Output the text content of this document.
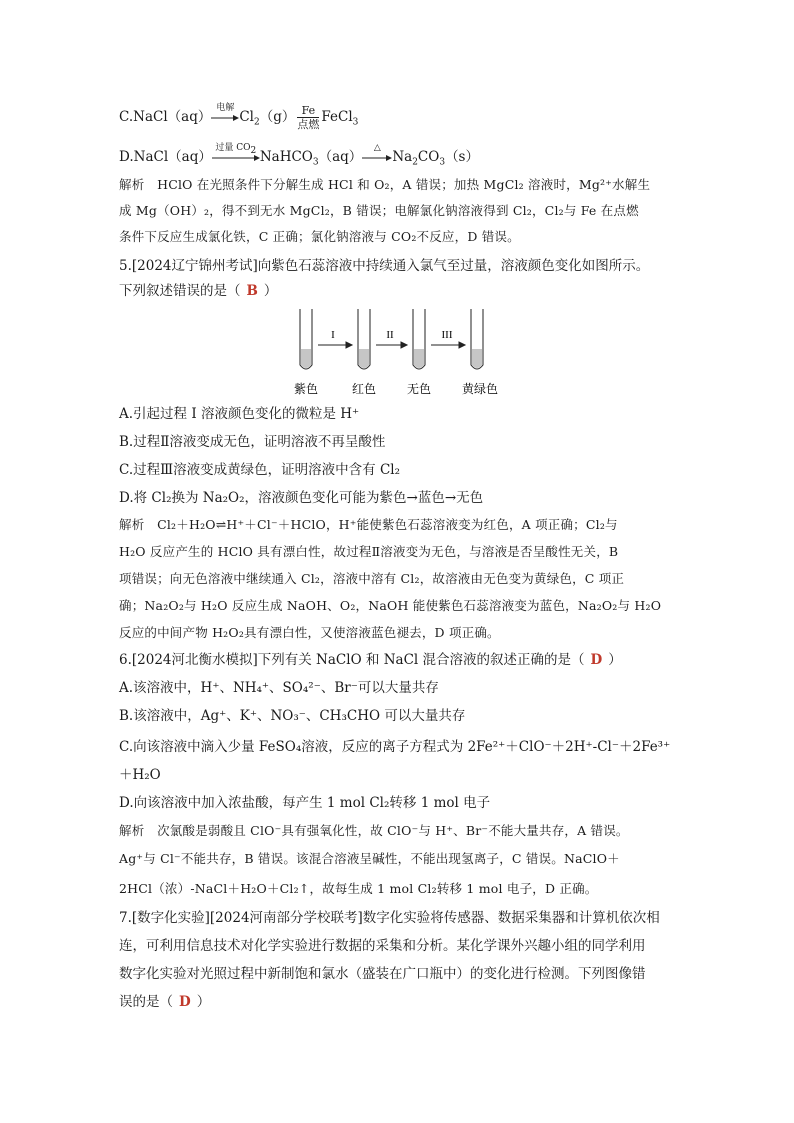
C.NaCl（aq）
电解
$Cl_2(g) \frac{Fe}{\text{点燃}}$ FeCl$_3$
D.NaCl（aq）
过量 $CO_2$ NaHCO$_3$（aq）
△
$Na_2CO_3(s)$
解析　HClO 在光照条件下分解生成 HCl 和 O₂，A 错误；加热 MgCl₂ 溶液时，Mg²⁺水解生
成 Mg（OH）₂，得不到无水 MgCl₂，B 错误；电解氯化钠溶液得到 Cl₂，Cl₂与 Fe 在点燃
条件下反应生成氯化铁，C 正确；氯化钠溶液与 CO₂不反应，D 错误。
5.[2024辽宁锦州考试]向紫色石蕊溶液中持续通入氯气至过量，溶液颜色变化如图所示。
下列叙述错误的是（ B ）
I	II	III
紫色	红色	无色	黄绿色
A.引起过程 I 溶液颜色变化的微粒是 H⁺
B.过程Ⅱ溶液变成无色，证明溶液不再呈酸性
C.过程Ⅲ溶液变成黄绿色，证明溶液中含有 Cl₂
D.将 Cl₂换为 Na₂O₂，溶液颜色变化可能为紫色→蓝色→无色
解析　Cl₂＋H₂O⇌H⁺＋Cl⁻＋HClO，H⁺能使紫色石蕊溶液变为红色，A 项正确；Cl₂与
H₂O 反应产生的 HClO 具有漂白性，故过程Ⅱ溶液变为无色，与溶液是否呈酸性无关，B
项错误；向无色溶液中继续通入 Cl₂，溶液中溶有 Cl₂，故溶液由无色变为黄绿色，C 项正
确；Na₂O₂与 H₂O 反应生成 NaOH、O₂，NaOH 能使紫色石蕊溶液变为蓝色，Na₂O₂与 H₂O
反应的中间产物 H₂O₂具有漂白性，又使溶液蓝色褪去，D 项正确。
6.[2024河北衡水模拟]下列有关 NaClO 和 NaCl 混合溶液的叙述正确的是（ D ）
A.该溶液中，H⁺、NH₄⁺、SO₄²⁻、Br⁻可以大量共存
B.该溶液中，Ag⁺、K⁺、NO₃⁻、CH₃CHO 可以大量共存
C.向该溶液中滴入少量 FeSO₄溶液，反应的离子方程式为 2Fe²⁺＋ClO⁻＋2H⁺-Cl⁻＋2Fe³⁺
＋H₂O
D.向该溶液中加入浓盐酸，每产生 1 mol Cl₂转移 1 mol 电子
解析　次氯酸是弱酸且 ClO⁻具有强氧化性，故 ClO⁻与 H⁺、Br⁻不能大量共存，A 错误。
Ag⁺与 Cl⁻不能共存，B 错误。该混合溶液呈碱性，不能出现氢离子，C 错误。NaClO＋
2HCl（浓）-NaCl＋H₂O＋Cl₂↑，故每生成 1 mol Cl₂转移 1 mol 电子，D 正确。
7.[数字化实验][2024河南部分学校联考]数字化实验将传感器、数据采集器和计算机依次相
连，可利用信息技术对化学实验进行数据的采集和分析。某化学课外兴趣小组的同学利用
数字化实验对光照过程中新制饱和氯水（盛装在广口瓶中）的变化进行检测。下列图像错
误的是（ D ）
